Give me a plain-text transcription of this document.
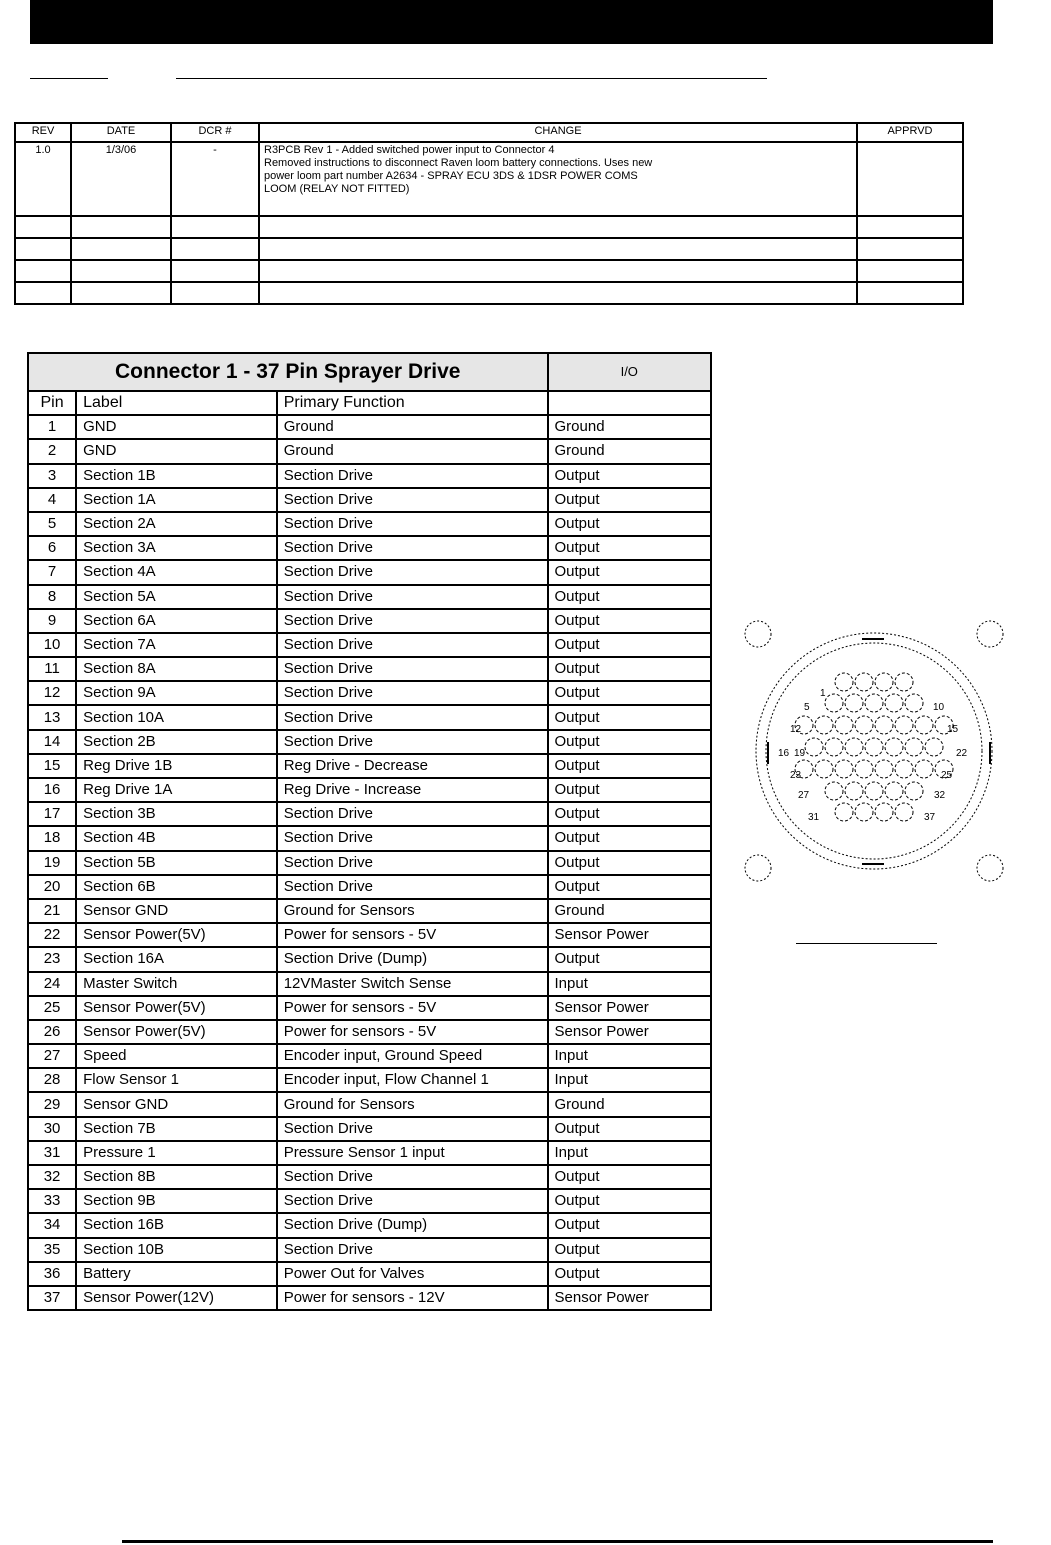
REV	DATE	DCR #	CHANGE	APPRVD
1.0	1/3/06	-	R3PCB Rev 1 - Added switched power input to Connector 4
Removed instructions to disconnect Raven loom battery connections. Uses new
power loom part number A2634 - SPRAY ECU 3DS & 1DSR POWER COMS
LOOM (RELAY NOT FITTED)	

Connector 1 - 37 Pin Sprayer Drive			I/O
Pin	Label	Primary Function	
1	GND	Ground	Ground
2	GND	Ground	Ground
3	Section 1B	Section Drive	Output
4	Section 1A	Section Drive	Output
5	Section 2A	Section Drive	Output
6	Section 3A	Section Drive	Output
7	Section 4A	Section Drive	Output
8	Section 5A	Section Drive	Output
9	Section 6A	Section Drive	Output
10	Section 7A	Section Drive	Output
11	Section 8A	Section Drive	Output
12	Section 9A	Section Drive	Output
13	Section 10A	Section Drive	Output
14	Section 2B	Section Drive	Output
15	Reg Drive 1B	Reg Drive - Decrease	Output
16	Reg Drive 1A	Reg Drive - Increase	Output
17	Section 3B	Section Drive	Output
18	Section 4B	Section Drive	Output
19	Section 5B	Section Drive	Output
20	Section 6B	Section Drive	Output
21	Sensor GND	Ground for Sensors	Ground
22	Sensor Power(5V)	Power for sensors - 5V	Sensor Power
23	Section 16A	Section Drive (Dump)	Output
24	Master Switch	12VMaster Switch Sense	Input
25	Sensor Power(5V)	Power for sensors - 5V	Sensor Power
26	Sensor Power(5V)	Power for sensors - 5V	Sensor Power
27	Speed	Encoder input, Ground Speed	Input
28	Flow Sensor 1	Encoder input, Flow Channel 1	Input
29	Sensor GND	Ground for Sensors	Ground
30	Section 7B	Section Drive	Output
31	Pressure 1	Pressure Sensor 1 input	Input
32	Section 8B	Section Drive	Output
33	Section 9B	Section Drive	Output
34	Section 16B	Section Drive (Dump)	Output
35	Section 10B	Section Drive	Output
36	Battery	Power Out for Valves	Output
37	Sensor Power(12V)	Power for sensors - 12V	Sensor Power
1
5	10
15
12
16 19	22
23	25
27	32
31	37
